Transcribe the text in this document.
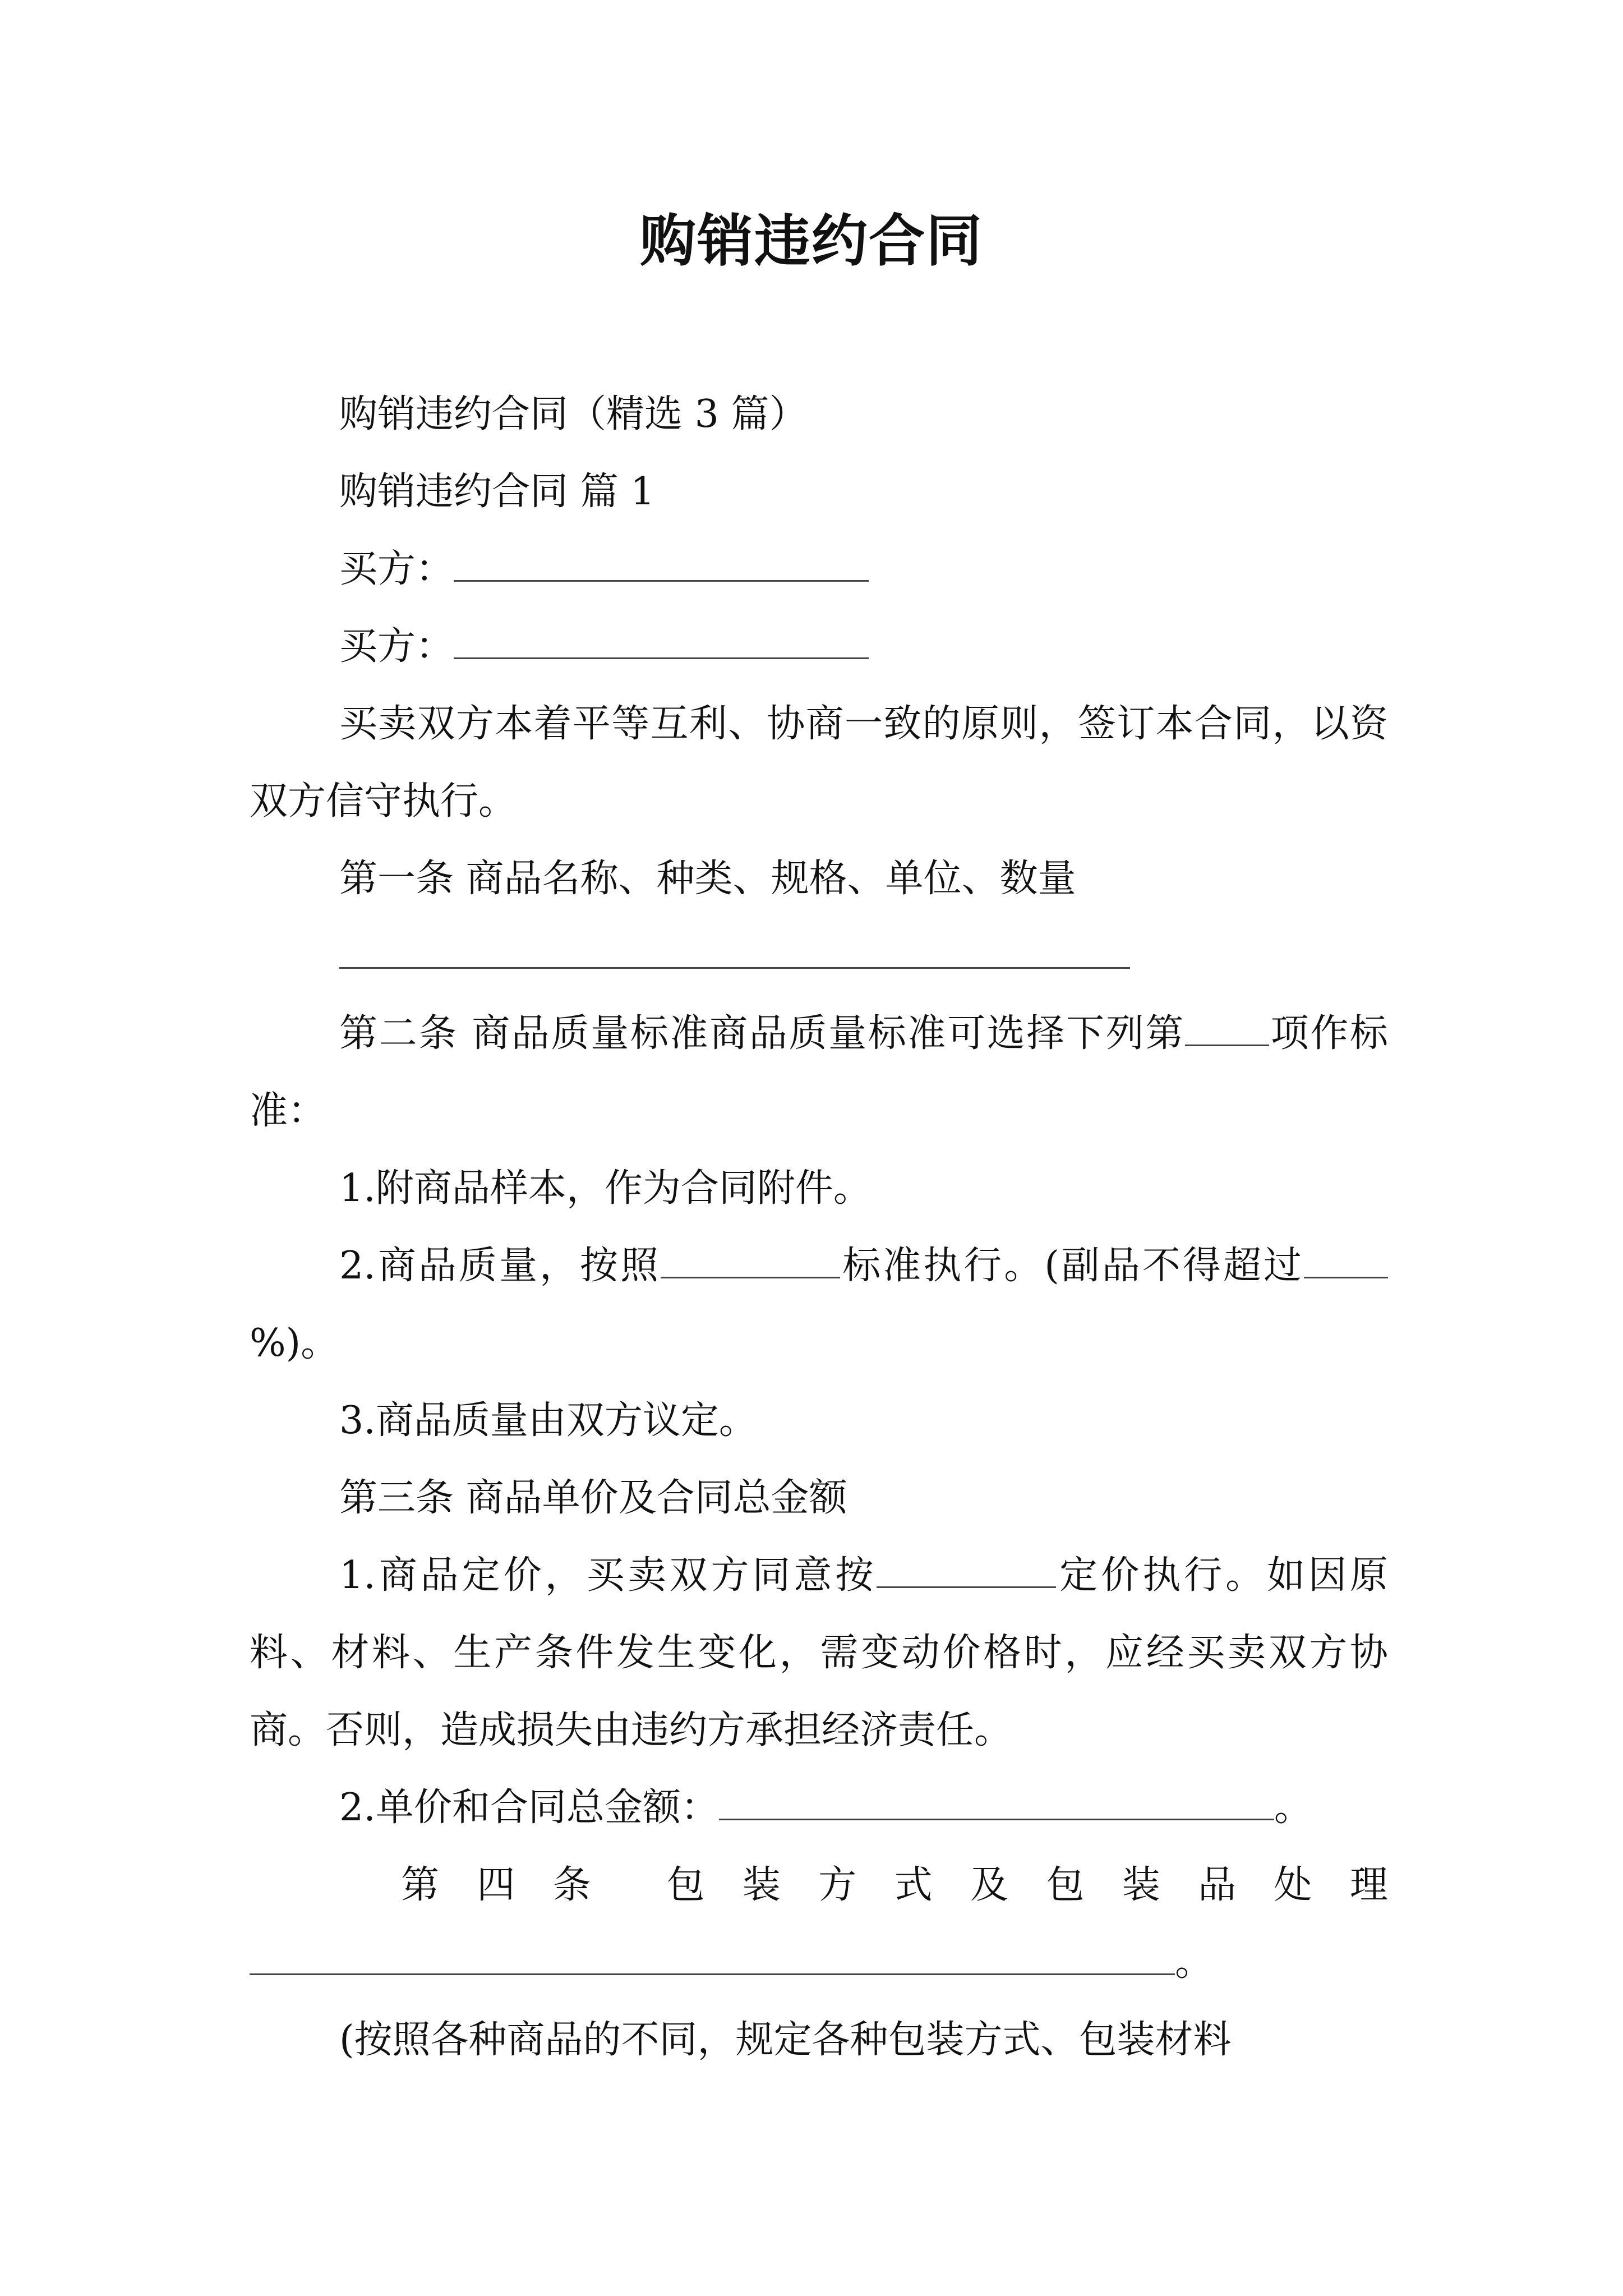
购销违约合同

购销违约合同（精选 3 篇）

购销违约合同 篇 1

买方：

买方：

买卖双方本着平等互利、协商一致的原则，签订本合同，以资双方信守执行。

第一条 商品名称、种类、规格、单位、数量

第二条 商品质量标准商品质量标准可选择下列第 项作标准：

1.附商品样本，作为合同附件。

2.商品质量，按照	标准执行。(副品不得超过%)。

3.商品质量由双方议定。

第三条 商品单价及合同总金额

1.商品定价，买卖双方同意按	定价执行。如因原料、材料、生产条件发生变化，需变动价格时，应经买卖双方协商。否则，造成损失由违约方承担经济责任。

2.单价和合同总金额：	。

第 四 条 包 装 方 式 及 包 装 品 处 理

。

(按照各种商品的不同，规定各种包装方式、包装材料
